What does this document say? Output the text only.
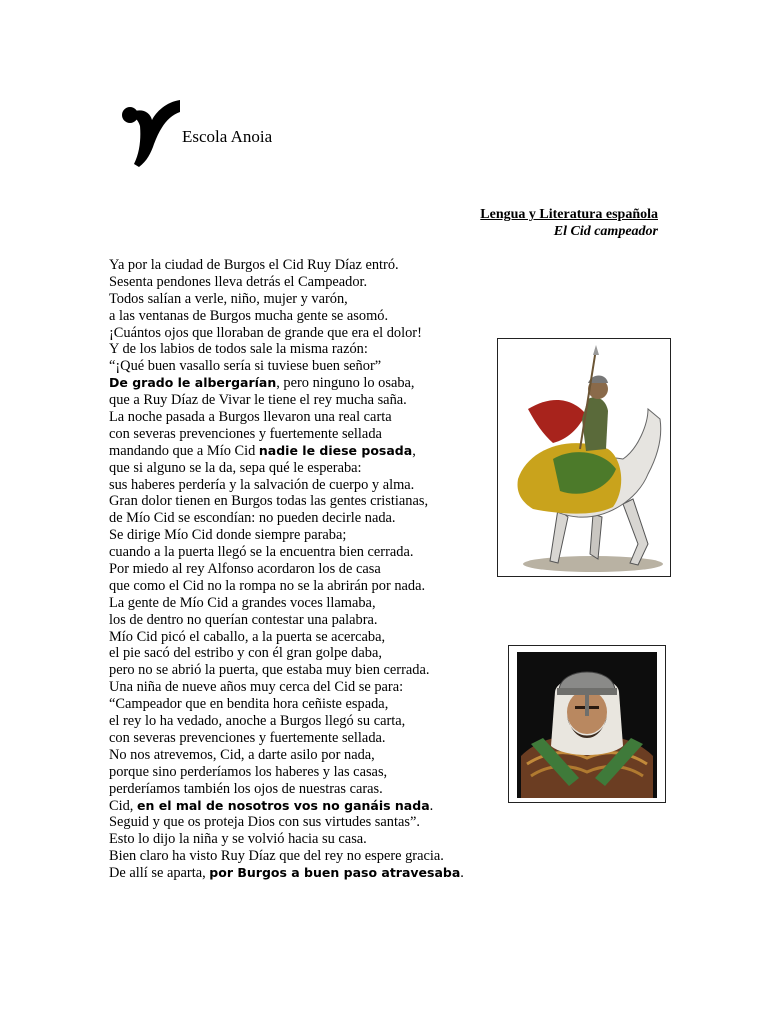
Escola Anoia
Lengua y Literatura española
El Cid campeador
Ya por la ciudad de Burgos el Cid Ruy Díaz entró.
Sesenta pendones lleva detrás el Campeador.
Todos salían a verle, niño, mujer y varón,
a las ventanas de Burgos mucha gente se asomó.
¡Cuántos ojos que lloraban de grande que era el dolor!
Y de los labios de todos sale la misma razón:
“¡Qué buen vasallo sería si tuviese buen señor”
De grado le albergarían, pero ninguno lo osaba,
que a Ruy Díaz de Vivar le tiene el rey mucha saña.
La noche pasada a Burgos llevaron una real carta
con severas prevenciones y fuertemente sellada
mandando que a Mío Cid nadie le diese posada,
que si alguno se la da, sepa qué le esperaba:
sus haberes perdería y la salvación de cuerpo y alma.
Gran dolor tienen en Burgos todas las gentes cristianas,
de Mío Cid se escondían: no pueden decirle nada.
Se dirige Mío Cid donde siempre paraba;
cuando a la puerta llegó se la encuentra bien cerrada.
Por miedo al rey Alfonso acordaron los de casa
que como el Cid no la rompa no se la abrirán por nada.
La gente de Mío Cid a grandes voces llamaba,
los de dentro no querían contestar una palabra.
Mío Cid picó el caballo, a la puerta se acercaba,
el pie sacó del estribo y con él gran golpe daba,
pero no se abrió la puerta, que estaba muy bien cerrada.
Una niña de nueve años muy cerca del Cid se para:
“Campeador que en bendita hora ceñiste espada,
el rey lo ha vedado, anoche a Burgos llegó su carta,
con severas prevenciones y fuertemente sellada.
No nos atrevemos, Cid, a darte asilo por nada,
porque sino perderíamos los haberes y las casas,
perderíamos también los ojos de nuestras caras.
Cid, en el mal de nosotros vos no ganáis nada.
Seguid y que os proteja Dios con sus virtudes santas”.
Esto lo dijo la niña y se volvió hacia su casa.
Bien claro ha visto Ruy Díaz que del rey no espere gracia.
De allí se aparta, por Burgos a buen paso atravesaba.
